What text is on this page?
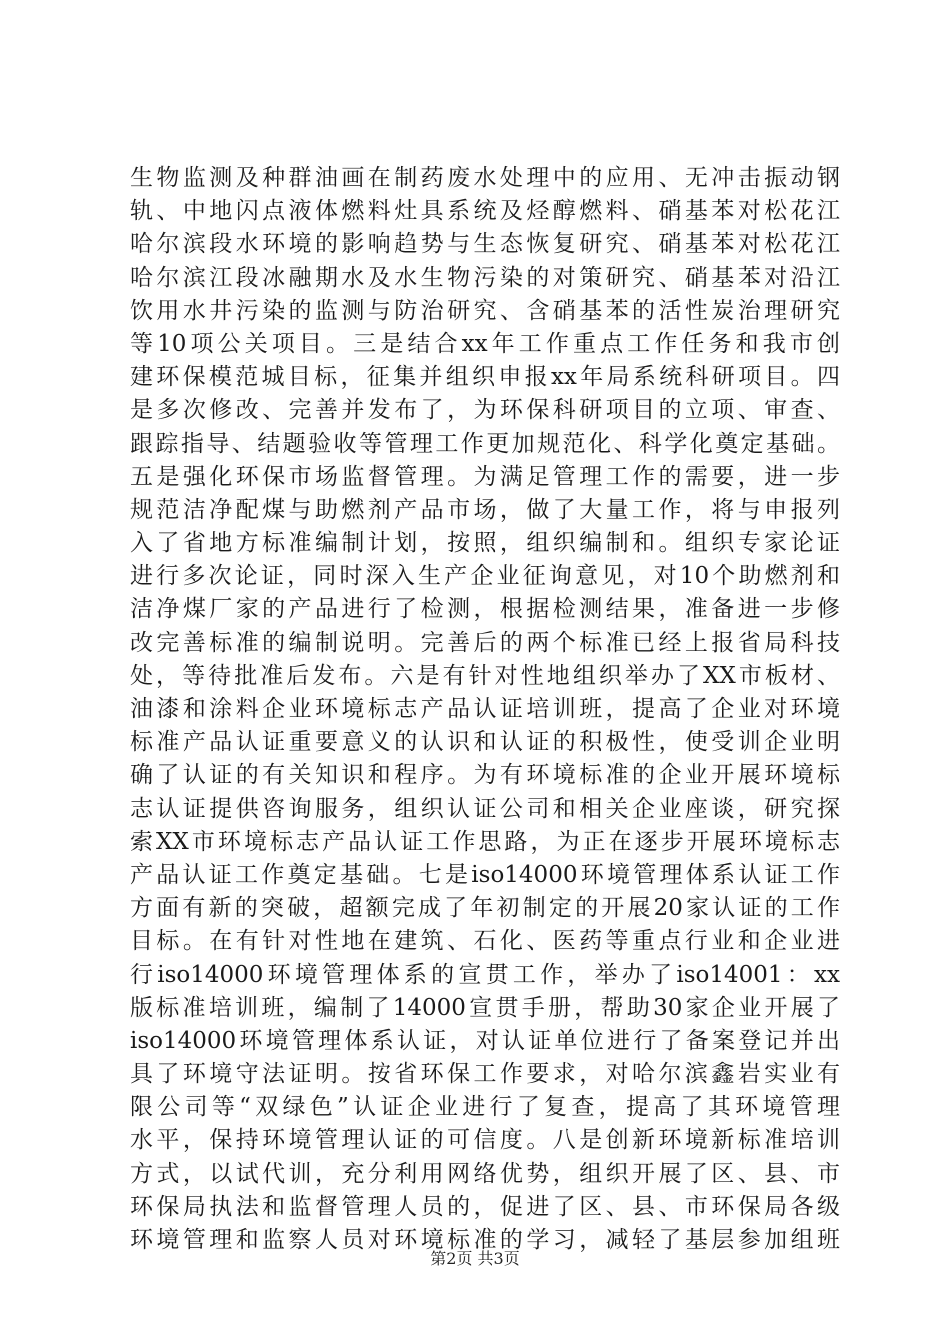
生物监测及种群油画在制药废水处理中的应用、无冲击振动钢
轨、中地闪点液体燃料灶具系统及烃醇燃料、硝基苯对松花江
哈尔滨段水环境的影响趋势与生态恢复研究、硝基苯对松花江
哈尔滨江段冰融期水及水生物污染的对策研究、硝基苯对沿江
饮用水井污染的监测与防治研究、含硝基苯的活性炭治理研究
等10项公关项目。三是结合xx年工作重点工作任务和我市创
建环保模范城目标，征集并组织申报xx年局系统科研项目。四
是多次修改、完善并发布了，为环保科研项目的立项、审查、
跟踪指导、结题验收等管理工作更加规范化、科学化奠定基础。
五是强化环保市场监督管理。为满足管理工作的需要，进一步
规范洁净配煤与助燃剂产品市场，做了大量工作，将与申报列
入了省地方标准编制计划，按照，组织编制和。组织专家论证
进行多次论证，同时深入生产企业征询意见，对10个助燃剂和
洁净煤厂家的产品进行了检测，根据检测结果，准备进一步修
改完善标准的编制说明。完善后的两个标准已经上报省局科技
处，等待批准后发布。六是有针对性地组织举办了XX市板材、
油漆和涂料企业环境标志产品认证培训班，提高了企业对环境
标准产品认证重要意义的认识和认证的积极性，使受训企业明
确了认证的有关知识和程序。为有环境标准的企业开展环境标
志认证提供咨询服务，组织认证公司和相关企业座谈，研究探
索XX市环境标志产品认证工作思路，为正在逐步开展环境标志
产品认证工作奠定基础。七是iso14000环境管理体系认证工作
方面有新的突破，超额完成了年初制定的开展20家认证的工作
目标。在有针对性地在建筑、石化、医药等重点行业和企业进
行iso14000环境管理体系的宣贯工作，举办了iso14001：xx
版标准培训班，编制了14000宣贯手册，帮助30家企业开展了
iso14000环境管理体系认证，对认证单位进行了备案登记并出
具了环境守法证明。按省环保工作要求，对哈尔滨鑫岩实业有
限公司等“双绿色”认证企业进行了复查，提高了其环境管理
水平，保持环境管理认证的可信度。八是创新环境新标准培训
方式，以试代训，充分利用网络优势，组织开展了区、县、市
环保局执法和监督管理人员的，促进了区、县、市环保局各级
环境管理和监察人员对环境标准的学习，减轻了基层参加组班
第2页 共3页
